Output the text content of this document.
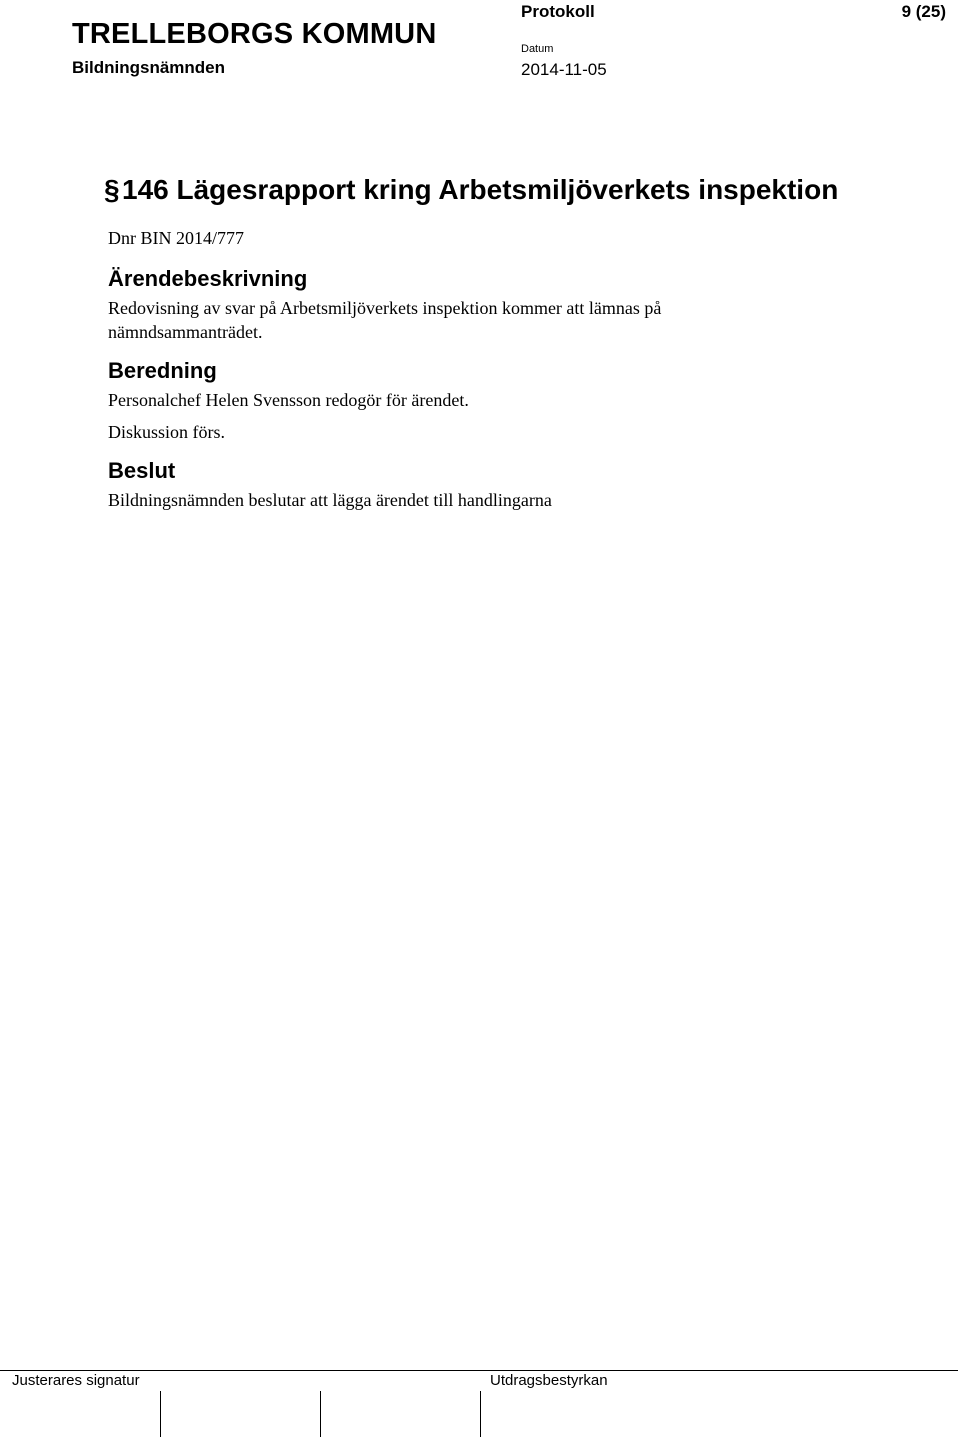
TRELLEBORGS KOMMUN
Bildningsnämnden
Protokoll
Datum
2014-11-05
9 (25)
§ 146 Lägesrapport kring Arbetsmiljöverkets inspektion

Dnr BIN 2014/777

Ärendebeskrivning

Redovisning av svar på Arbetsmiljöverkets inspektion kommer att lämnas på nämndsammanträdet.

Beredning

Personalchef Helen Svensson redogör för ärendet.

Diskussion förs.

Beslut

Bildningsnämnden beslutar att lägga ärendet till handlingarna

Justerares signatur	Utdragsbestyrkan
